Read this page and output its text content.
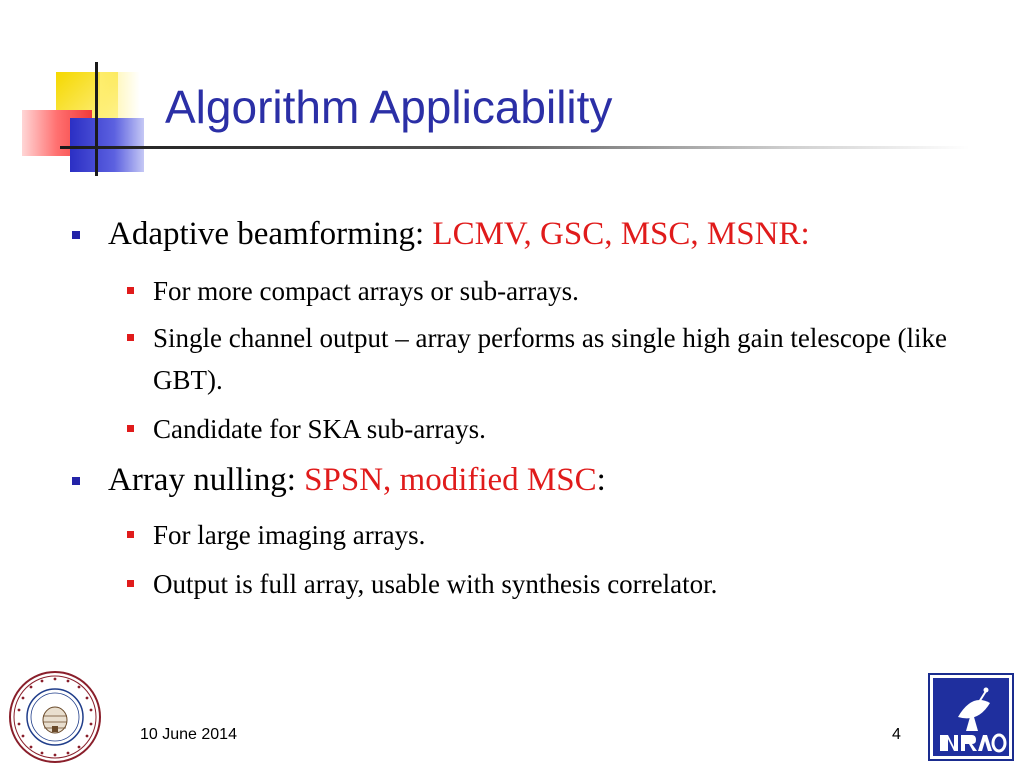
Algorithm Applicability
Adaptive beamforming: LCMV, GSC, MSC, MSNR:
For more compact arrays or sub-arrays.
Single channel output – array performs as single high gain telescope (like GBT).
Candidate for SKA sub-arrays.
Array nulling: SPSN, modified MSC:
For large imaging arrays.
Output is full array, usable with synthesis correlator.
10 June 2014	4
